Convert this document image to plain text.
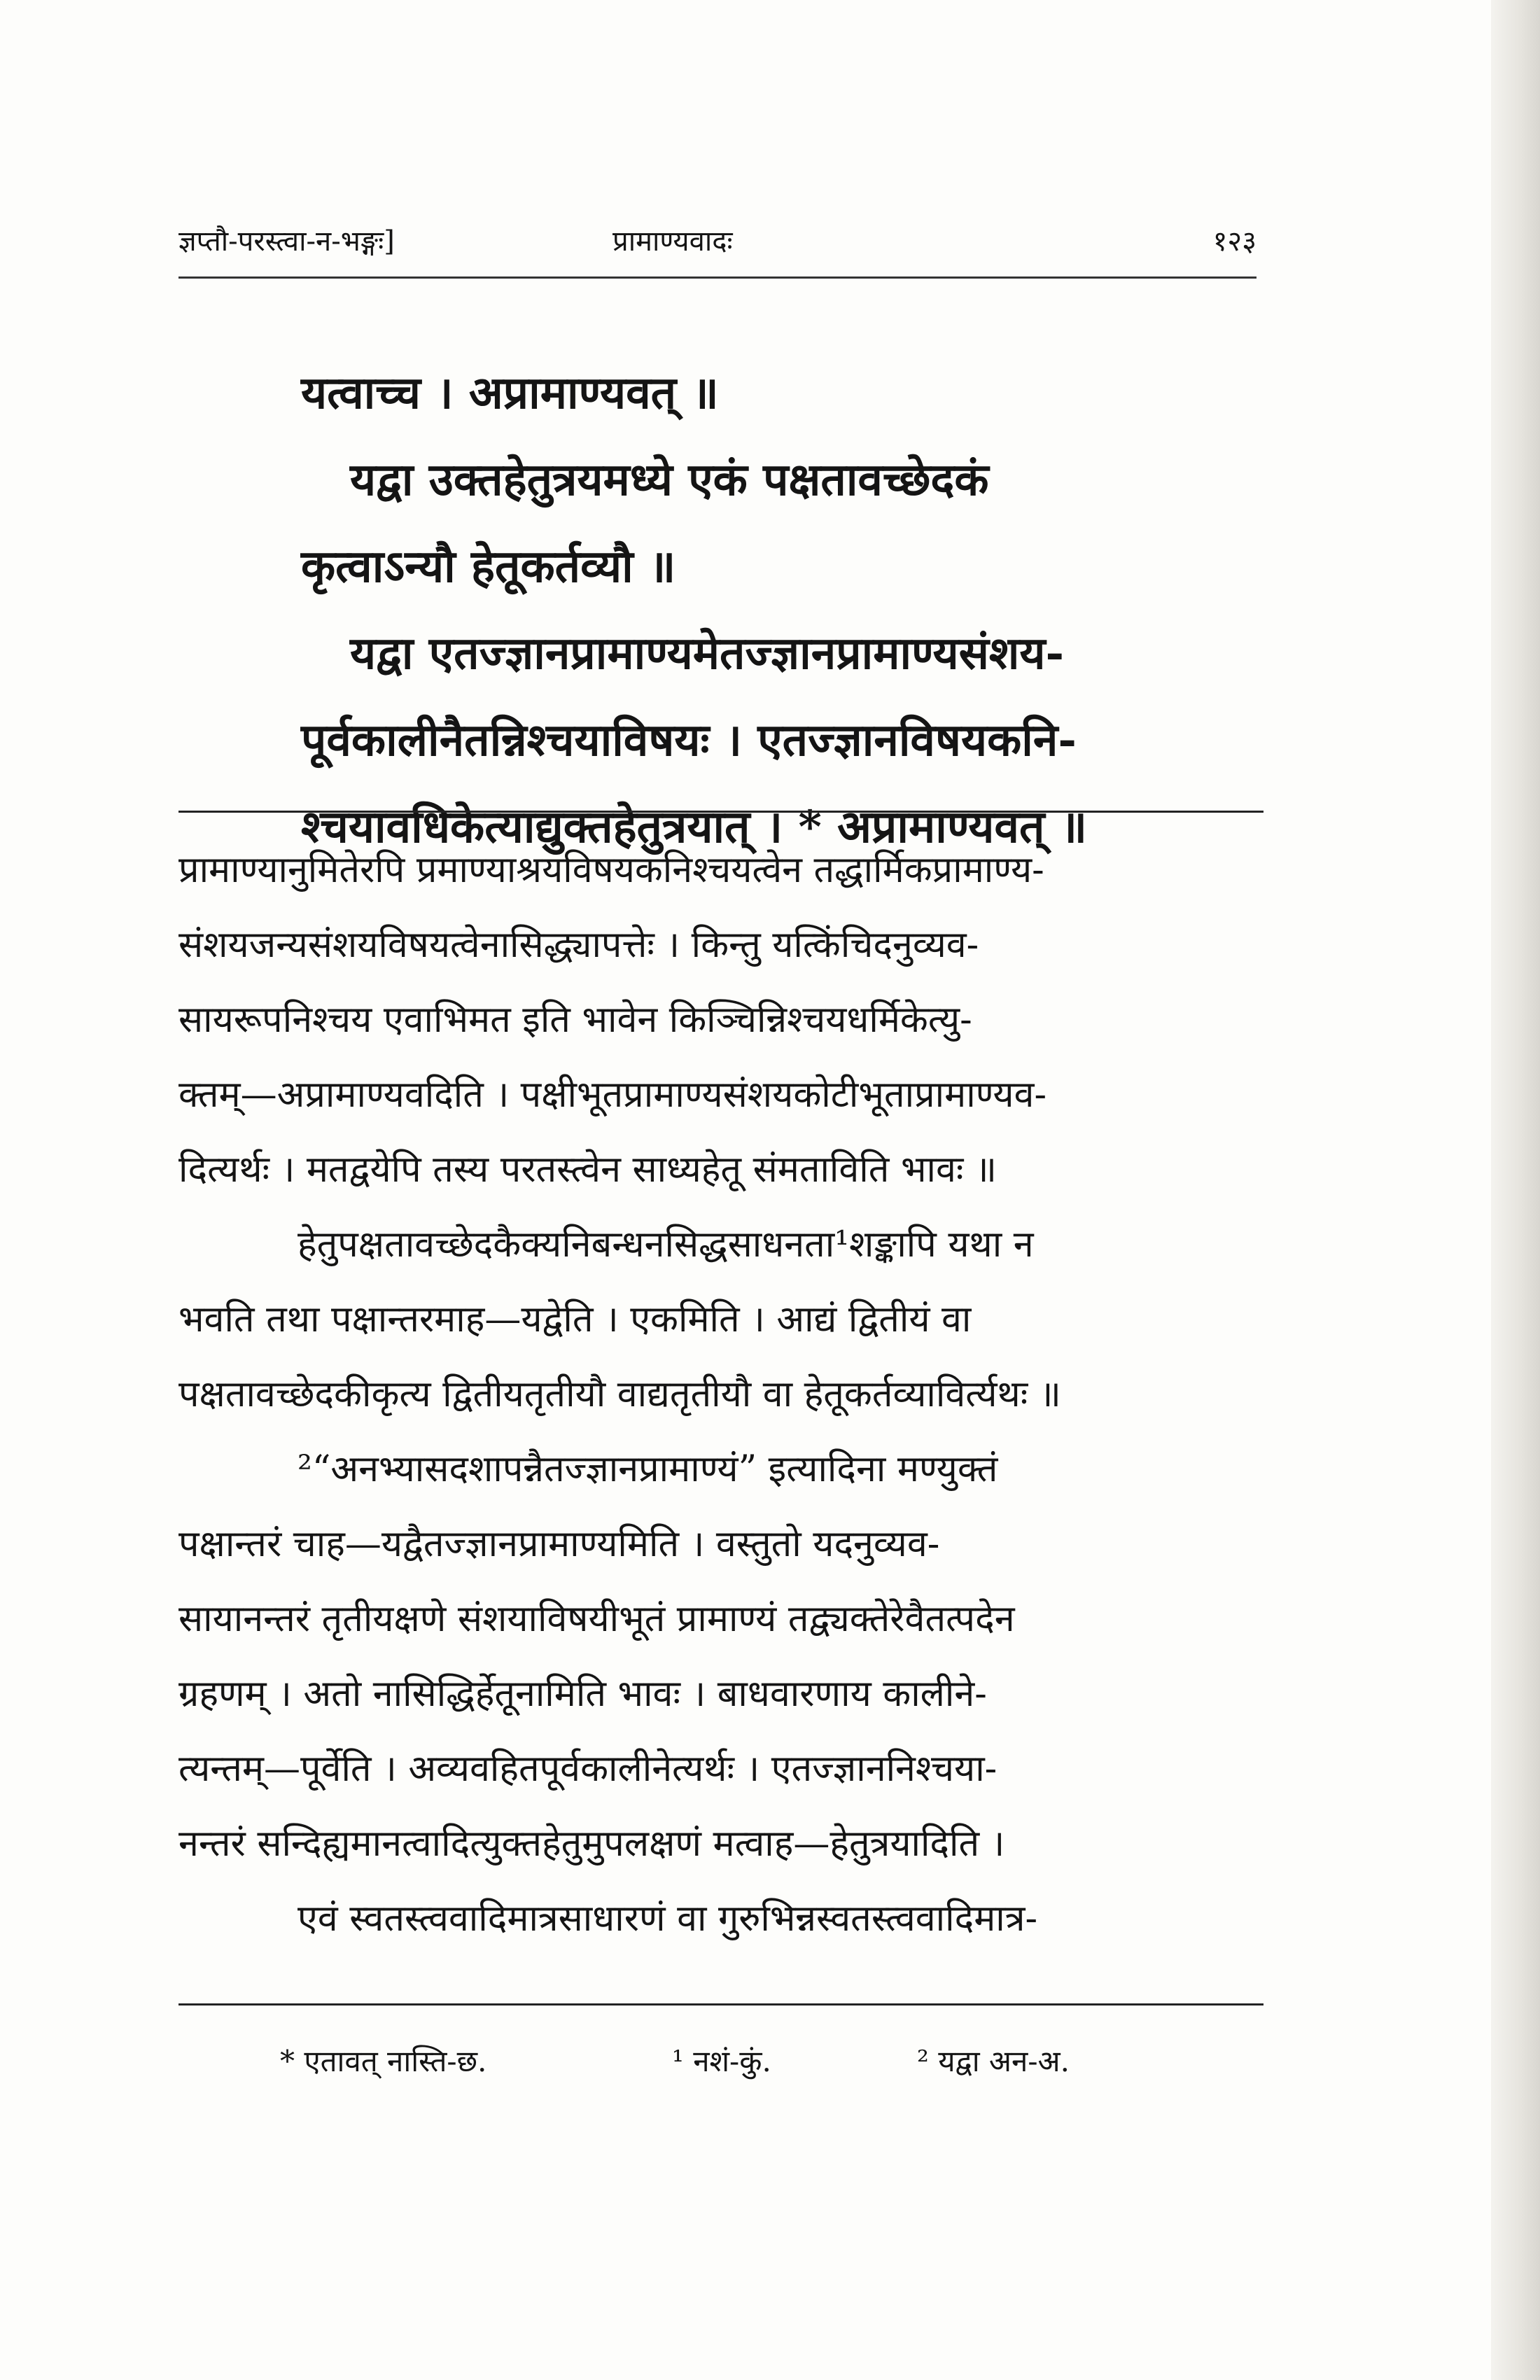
ज्ञप्तौ-परस्त्वा-न-भङ्गः]	प्रामाण्यवादः	१२३
यत्वाच्च । अप्रामाण्यवत् ॥
यद्वा उक्तहेतुत्रयमध्ये एकं पक्षतावच्छेदकं
कृत्वाऽन्यौ हेतूकर्तव्यौ ॥
यद्वा एतज्ज्ञानप्रामाण्यमेतज्ज्ञानप्रामाण्यसंशय-
पूर्वकालीनैतन्निश्चयाविषयः । एतज्ज्ञानविषयकनि-
श्चयावधिकेत्याद्युक्तहेतुत्रयात् । * अप्रामाण्यवत् ॥
प्रामाण्यानुमितेरपि प्रमाण्याश्रयविषयकनिश्चयत्वेन तद्धार्मिकप्रामाण्य-
संशयजन्यसंशयविषयत्वेनासिद्ध्यापत्तेः । किन्तु यत्किंचिदनुव्यव-
सायरूपनिश्चय एवाभिमत इति भावेन किञ्चिन्निश्चयधर्मिकेत्यु-
क्तम्—अप्रामाण्यवदिति । पक्षीभूतप्रामाण्यसंशयकोटीभूताप्रामाण्यव-
दित्यर्थः । मतद्वयेपि तस्य परतस्त्वेन साध्यहेतू संमताविति भावः ॥
हेतुपक्षतावच्छेदकैक्यनिबन्धनसिद्धसाधनता¹शङ्कापि यथा न
भवति तथा पक्षान्तरमाह—यद्वेति । एकमिति । आद्यं द्वितीयं वा
पक्षतावच्छेदकीकृत्य द्वितीयतृतीयौ वाद्यतृतीयौ वा हेतूकर्तव्याविर्त्यथः ॥
²“अनभ्यासदशापन्नैतज्ज्ञानप्रामाण्यं” इत्यादिना मण्युक्तं
पक्षान्तरं चाह—यद्वैतज्ज्ञानप्रामाण्यमिति । वस्तुतो यदनुव्यव-
सायानन्तरं तृतीयक्षणे संशयाविषयीभूतं प्रामाण्यं तद्व्यक्तेरेवैतत्पदेन
ग्रहणम् । अतो नासिद्धिर्हेतूनामिति भावः । बाधवारणाय कालीने-
त्यन्तम्—पूर्वेति । अव्यवहितपूर्वकालीनेत्यर्थः । एतज्ज्ञाननिश्चया-
नन्तरं सन्दिह्यमानत्वादित्युक्तहेतुमुपलक्षणं मत्वाह—हेतुत्रयादिति ।
एवं स्वतस्त्ववादिमात्रसाधारणं वा गुरुभिन्नस्वतस्त्ववादिमात्र-
* एतावत् नास्ति-छ.	¹ नशं-कुं.	² यद्वा अन-अ.
